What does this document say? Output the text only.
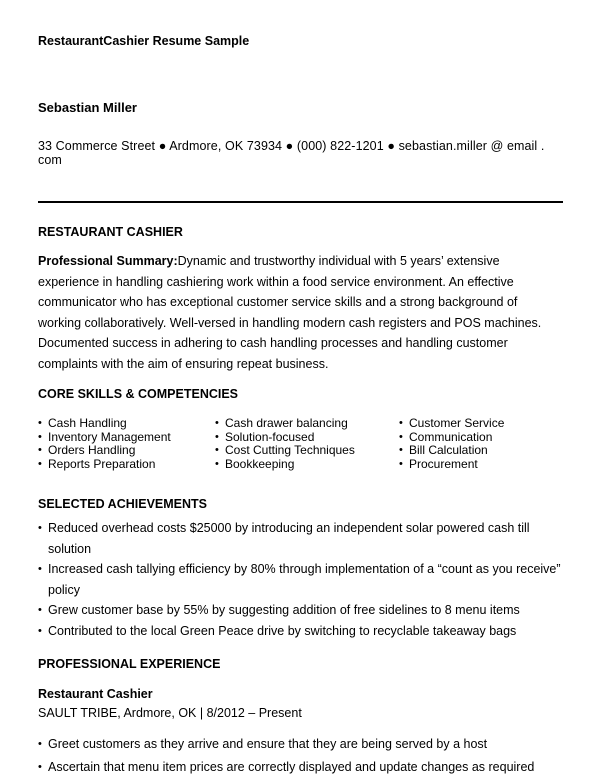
RestaurantCashier Resume Sample
Sebastian Miller
33 Commerce Street ● Ardmore, OK 73934 ● (000) 822-1201 ● sebastian.miller @ email . com
RESTAURANT CASHIER

Professional Summary:Dynamic and trustworthy individual with 5 years’ extensive experience in handling cashiering work within a food service environment. An effective communicator who has exceptional customer service skills and a strong background of working collaboratively. Well-versed in handling modern cash registers and POS machines. Documented success in adhering to cash handling processes and handling customer complaints with the aim of ensuring repeat business.

CORE SKILLS & COMPETENCIES
• Cash Handling
• Inventory Management
• Orders Handling
• Reports Preparation
• Cash drawer balancing
• Solution-focused
• Cost Cutting Techniques
• Bookkeeping
• Customer Service
• Communication
• Bill Calculation
• Procurement
SELECTED ACHIEVEMENTS
• Reduced overhead costs $25000 by introducing an independent solar powered cash till solution
• Increased cash tallying efficiency by 80% through implementation of a “count as you receive” policy
• Grew customer base by 55% by suggesting addition of free sidelines to 8 menu items
• Contributed to the local Green Peace drive by switching to recyclable takeaway bags
PROFESSIONAL EXPERIENCE
Restaurant Cashier
SAULT TRIBE, Ardmore, OK | 8/2012 – Present
• Greet customers as they arrive and ensure that they are being served by a host
• Ascertain that menu item prices are correctly displayed and update changes as required
